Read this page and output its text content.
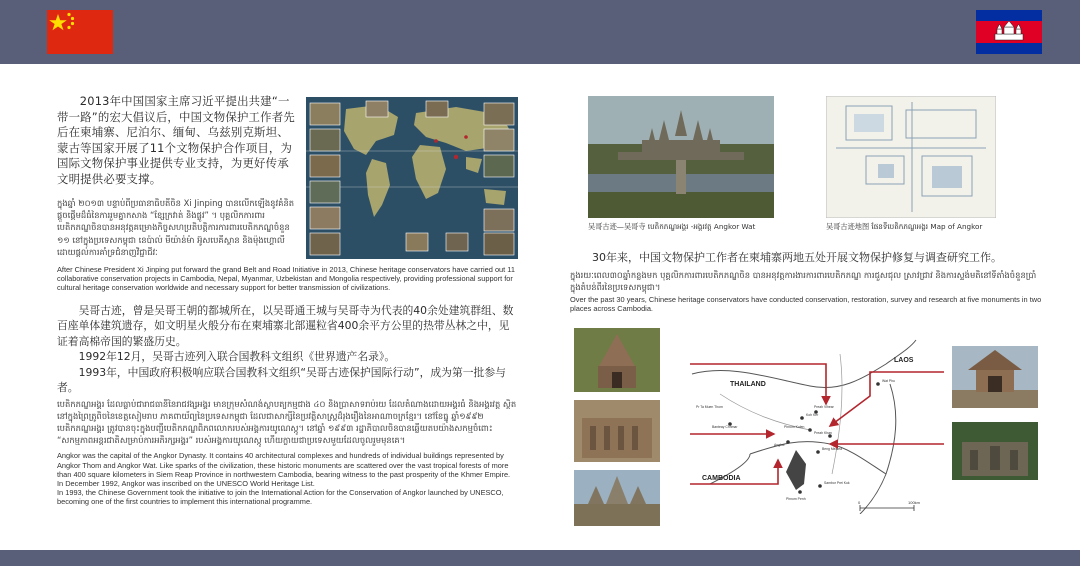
2013年中国国家主席习近平提出共建“一带一路”的宏大倡议后，中国文物保护工作者先后在柬埔寨、尼泊尔、缅甸、乌兹别克斯坦、蒙古等国家开展了11个文物保护合作项目，为国际文物保护事业提供专业支持，为更好传承文明提供必要支撑。

ក្នុងឆ្នាំ ២០១៣ បន្ទាប់ពីប្រធានាធិបតីចិន Xi Jinping បានលើកឡើងនូវគំនិតផ្តួចផ្តើមដ៏ធំនៃការរួមគ្នាកសាង “ខ្សែក្រវាត់ និងផ្លូវ” ។ បុគ្គលិកការពារបេតិកភណ្ឌចិនបានអនុវត្តគម្រោងកិច្ចសហប្រតិបត្តិការការពារបេតិកភណ្ឌចំនួន ១១ នៅក្នុងប្រទេសកម្ពុជា នេប៉ាល់ មីយ៉ាន់ម៉ា អ៊ូសបេគីស្ថាន និងម៉ុងហ្គោលី ដោយផ្តល់ការគាំទ្រជំនាញវិជ្ជាជីវៈ

After Chinese President Xi Jinping put forward the grand Belt and Road Initiative in 2013, Chinese heritage conservators have carried out 11 collaborative conservation projects in Cambodia, Nepal, Myanmar, Uzbekistan and Mongolia respectively, providing professional support for cultural heritage conservation worldwide and necessary support for better transmission of civilizations.

吴哥古迹，曾是吴哥王朝的都城所在，以吴哥通王城与吴哥寺为代表的40余处建筑群组、数百座单体建筑遗存，如文明星火般分布在柬埔寨北部暹粒省400余平方公里的热带丛林之中，见证着高棉帝国的繁盛历史。

1992年12月，吴哥古迹列入联合国教科文组织《世界遗产名录》。

1993年，中国政府积极响应联合国教科文组织“吴哥古迹保护国际行动”，成为第一批参与者。

បេតិកភណ្ឌអង្គរ ដែលធ្លាប់ជារាជធានីនៃរាជវង្សអង្គរ មានក្រុមសំណង់ស្ថាបត្យកម្មជាង ៤០ និងប្រាសាទរាប់រយ ដែលតំណាងដោយអង្គរធំ និងអង្គរវត្ត ស្ថិតនៅក្នុងព្រៃត្រូពិចនៃខេត្តសៀមរាប ភាគពាយ័ព្យនៃប្រទេសកម្ពុជា ដែលជាសាក្សីនៃប្រវត្តិសាស្ត្រដ៏រុងរឿងនៃអាណាចក្រខ្មែរ។ នៅខែធ្នូ ឆ្នាំ១៩៩២ បេតិកភណ្ឌអង្គរ ត្រូវបានចុះក្នុងបញ្ជីបេតិកភណ្ឌពិភពលោករបស់អង្គការយូណេស្កូ។ នៅឆ្នាំ ១៩៩៣ រដ្ឋាភិបាលចិនបានឆ្លើយតបយ៉ាងសកម្មចំពោះ “សកម្មភាពអន្តរជាតិសម្រាប់ការអភិរក្សអង្គរ” របស់អង្គការយូណេស្កូ ហើយក្លាយជាប្រទេសមួយដែលចូលរួមមុនគេ។

Angkor was the capital of the Angkor Dynasty. It contains 40 architectural complexes and hundreds of individual buildings represented by Angkor Thom and Angkor Wat. Like sparks of the civilization, these historic monuments are scattered over the vast tropical forests of more than 400 square kilometers in Siem Reap Province in northwestern Cambodia, bearing witness to the past prosperity of the Khmer Empire.

In December 1992, Angkor was inscribed on the UNESCO World Heritage List.

In 1993, the Chinese Government took the initiative to join the International Action for the Conservation of Angkor launched by UNESCO, becoming one of the first countries to implement this international programme.

吴哥古迹—吴哥寺 បេតិកភណ្ឌអង្គរ -អង្គរវត្ត Angkor Wat	吴哥古迹地图 ផែនទីបេតិកភណ្ឌអង្គរ Map of Angkor

30年来，中国文物保护工作者在柬埔寨两地五处开展文物保护修复与调查研究工作。

ក្នុងរយៈពេល៣០ឆ្នាំកន្លងមក បុគ្គលិកការពារបេតិកភណ្ឌចិន បានអនុវត្តការងារការពារបេតិកភណ្ឌ ការជួសជុល ស្រាវជ្រាវ និងការស្ទង់មតិនៅទីតាំងចំនួនប្រាំ ក្នុងតំបន់ពីរនៃប្រទេសកម្ពុជា។

Over the past 30 years, Chinese heritage conservators have conducted conservation, restoration, survey and research at five monuments in two places across Cambodia.

THAILAND
LAOS
CAMBODIA
Wat Phu
Preah Vihear
Koh Ker
Phnom Kulen
Preah Khan
Angkor
Beng Mealea
Banteay Chhmar
Pr Ta Muen Thom
Sambor Prei Kuk
Phnom Penh
0	100km
